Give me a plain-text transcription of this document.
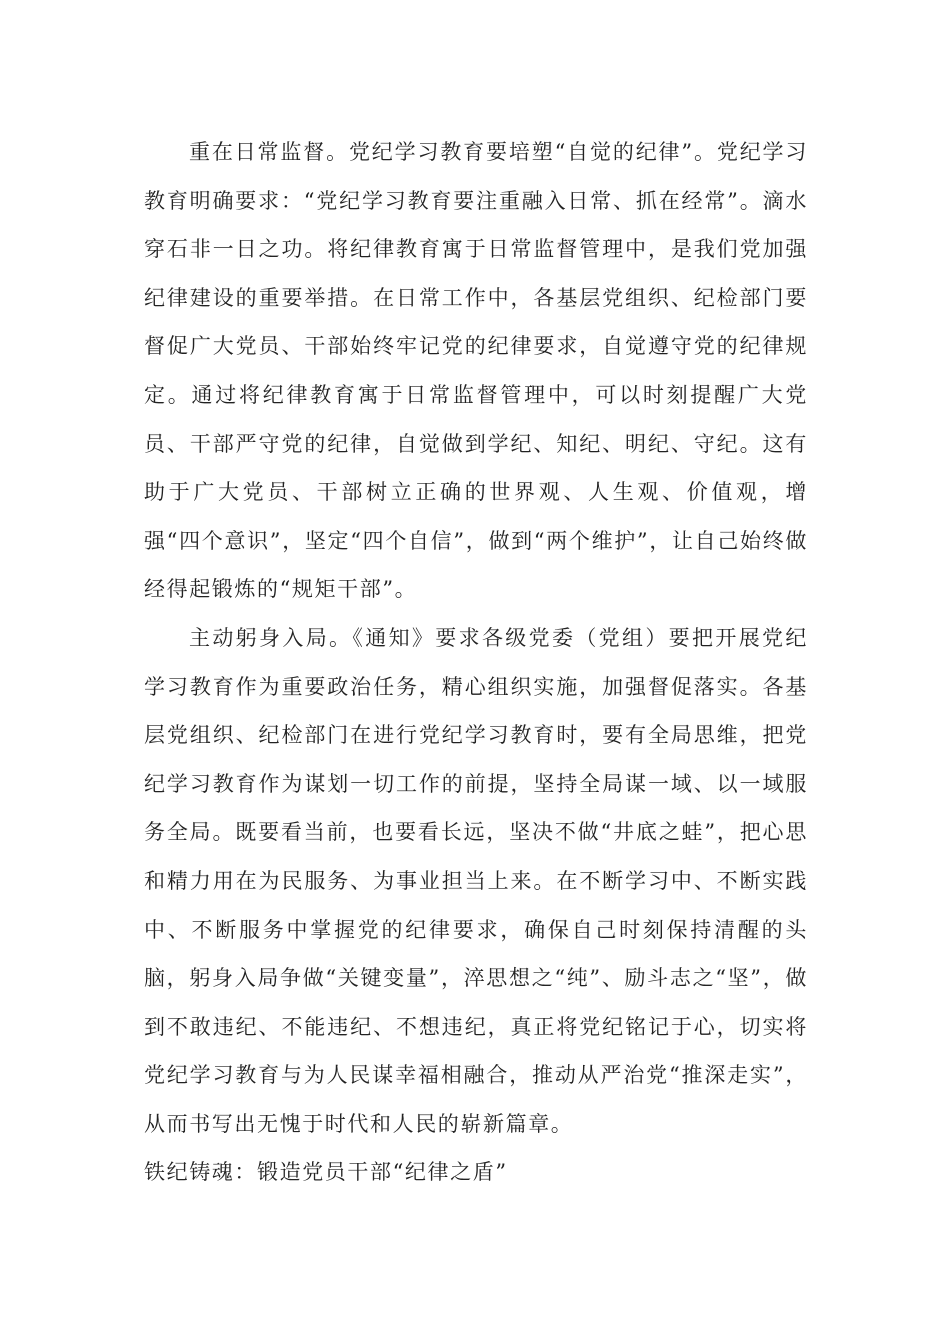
重在日常监督。党纪学习教育要培塑“自觉的纪律”。党纪学习教育明确要求：“党纪学习教育要注重融入日常、抓在经常”。滴水穿石非一日之功。将纪律教育寓于日常监督管理中，是我们党加强纪律建设的重要举措。在日常工作中，各基层党组织、纪检部门要督促广大党员、干部始终牢记党的纪律要求，自觉遵守党的纪律规定。通过将纪律教育寓于日常监督管理中，可以时刻提醒广大党员、干部严守党的纪律，自觉做到学纪、知纪、明纪、守纪。这有助于广大党员、干部树立正确的世界观、人生观、价值观，增强“四个意识”，坚定“四个自信”，做到“两个维护”，让自己始终做经得起锻炼的“规矩干部”。

主动躬身入局。《通知》要求各级党委（党组）要把开展党纪学习教育作为重要政治任务，精心组织实施，加强督促落实。各基层党组织、纪检部门在进行党纪学习教育时，要有全局思维，把党纪学习教育作为谋划一切工作的前提，坚持全局谋一域、以一域服务全局。既要看当前，也要看长远，坚决不做“井底之蛙”，把心思和精力用在为民服务、为事业担当上来。在不断学习中、不断实践中、不断服务中掌握党的纪律要求，确保自己时刻保持清醒的头脑，躬身入局争做“关键变量”，淬思想之“纯”、励斗志之“坚”，做到不敢违纪、不能违纪、不想违纪，真正将党纪铭记于心，切实将党纪学习教育与为人民谋幸福相融合，推动从严治党“推深走实”，从而书写出无愧于时代和人民的崭新篇章。

铁纪铸魂：锻造党员干部“纪律之盾”
